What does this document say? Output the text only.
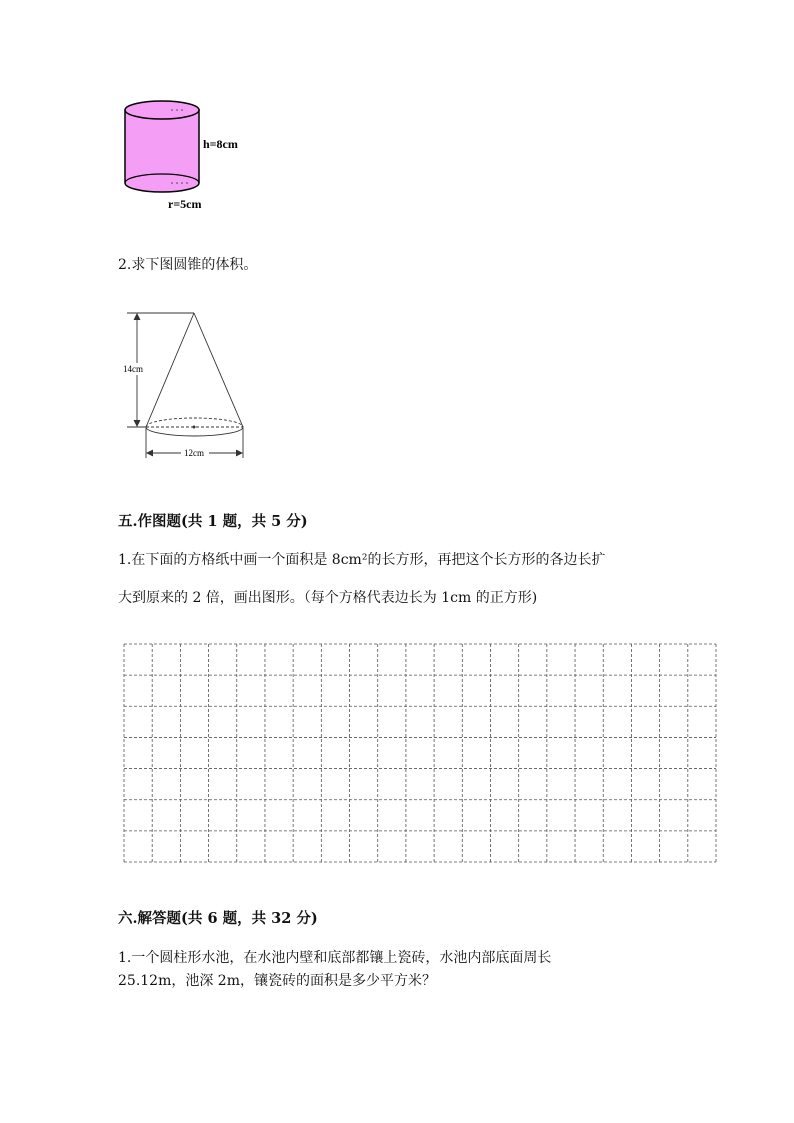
h=8cm
r=5cm
2.求下图圆锥的体积。
14cm
12cm
五.作图题(共 1 题，共 5 分)
1.在下面的方格纸中画一个面积是 8cm²的长方形，再把这个长方形的各边长扩
大到原来的 2 倍，画出图形。（每个方格代表边长为 1cm 的正方形)
六.解答题(共 6 题，共 32 分)
1.一个圆柱形水池，在水池内壁和底部都镶上瓷砖，水池内部底面周长
25.12m，池深 2m，镶瓷砖的面积是多少平方米？
